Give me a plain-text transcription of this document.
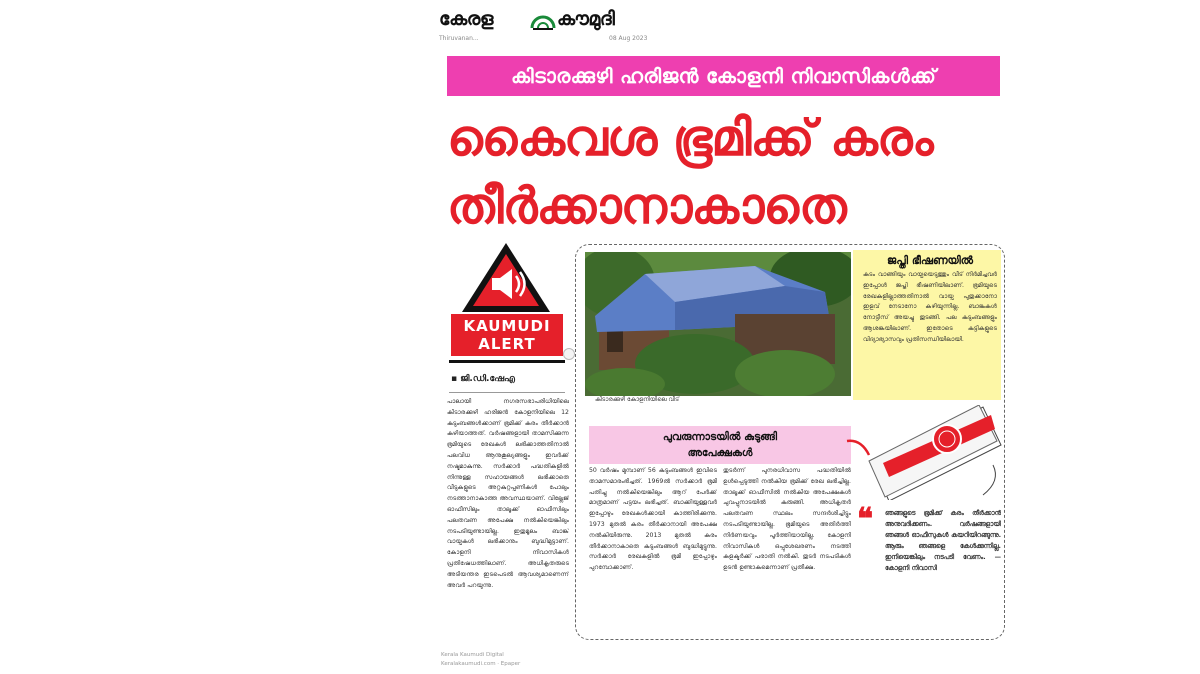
കേരള	കൗമുദി
Thiruvanan...	08 Aug 2023
കിടാരക്കുഴി ഹരിജൻ കോളനി നിവാസികൾക്ക്
കൈവശ ഭൂമിക്ക് കരം
തീർക്കാനാകാതെ
KAUMUDI
ALERT
▪ ജി.ഡി.ഷേഎ
പാലായി നഗരസഭാപരിധിയിലെ കിടാരക്കുഴി ഹരിജൻ കോളനിയിലെ 12 കുടുംബങ്ങൾക്കാണ് ഭൂമിക്ക് കരം തീർക്കാൻ കഴിയാത്തത്. വർഷങ്ങളായി താമസിക്കുന്ന ഭൂമിയുടെ രേഖകൾ ലഭിക്കാത്തതിനാൽ പലവിധ ആനുകൂല്യങ്ങളും ഇവർക്ക് നഷ്ടമാകുന്നു. സർക്കാർ പദ്ധതികളിൽ നിന്നുള്ള സഹായങ്ങൾ ലഭിക്കാതെ വീടുകളുടെ അറ്റകുറ്റപ്പണികൾ പോലും നടത്താനാകാത്ത അവസ്ഥയാണ്. വില്ലേജ് ഓഫീസിലും താലൂക്ക് ഓഫീസിലും പലതവണ അപേക്ഷ നൽകിയെങ്കിലും നടപടിയുണ്ടായില്ല. ഇതുമൂലം ബാങ്ക് വായ്പകൾ ലഭിക്കാനും ബുദ്ധിമുട്ടാണ്. കോളനി നിവാസികൾ പ്രതിഷേധത്തിലാണ്. അധികൃതരുടെ അടിയന്തര ഇടപെടൽ ആവശ്യമാണെന്ന് അവർ പറയുന്നു.
ജപ്തി ഭീഷണയിൽ
കടം വാങ്ങിയും വായ്പയെടുത്തും വീട് നിർമിച്ചവർ ഇപ്പോൾ ജപ്തി ഭീഷണിയിലാണ്. ഭൂമിയുടെ രേഖകളില്ലാത്തതിനാൽ വായ്പ പുതുക്കാനോ ഇളവ് നേടാനോ കഴിയുന്നില്ല. ബാങ്കുകൾ നോട്ടീസ് അയച്ചു തുടങ്ങി. പല കുടുംബങ്ങളും ആശങ്കയിലാണ്. ഇതോടെ കുട്ടികളുടെ വിദ്യാഭ്യാസവും പ്രതിസന്ധിയിലായി.
കിടാരക്കുഴി കോളനിയിലെ വീട്
പുവരുന്നാടയിൽ കുടുങ്ങി
അപേക്ഷകൾ
50 വർഷം മുമ്പാണ് 56 കുടുംബങ്ങൾ ഇവിടെ താമസമാരംഭിച്ചത്. 1969ൽ സർക്കാർ ഭൂമി പതിച്ചു നൽകിയെങ്കിലും ആറ് പേർക്ക് മാത്രമാണ് പട്ടയം ലഭിച്ചത്. ബാക്കിയുള്ളവർ ഇപ്പോഴും രേഖകൾക്കായി കാത്തിരിക്കുന്നു. 1973 മുതൽ കരം തീർക്കാനായി അപേക്ഷ നൽകിയിരുന്നു. 2013 മുതൽ കരം തീർക്കാനാകാതെ കുടുംബങ്ങൾ ബുദ്ധിമുട്ടുന്നു. സർക്കാർ രേഖകളിൽ ഭൂമി ഇപ്പോഴും പുറമ്പോക്കാണ്.
തുടർന്ന് പുനരധിവാസ പദ്ധതിയിൽ ഉൾപ്പെടുത്തി നൽകിയ ഭൂമിക്ക് രേഖ ലഭിച്ചില്ല. താലൂക്ക് ഓഫീസിൽ നൽകിയ അപേക്ഷകൾ ചുവപ്പുനാടയിൽ കുരുങ്ങി. അധികൃതർ പലതവണ സ്ഥലം സന്ദർശിച്ചിട്ടും നടപടിയുണ്ടായില്ല. ഭൂമിയുടെ അതിർത്തി നിർണയവും പൂർത്തിയായില്ല. കോളനി നിവാസികൾ ഒപ്പുശേഖരണം നടത്തി കളക്ടർക്ക് പരാതി നൽകി. തുടർ നടപടികൾ ഉടൻ ഉണ്ടാകുമെന്നാണ് പ്രതീക്ഷ.
❝ ഞങ്ങളുടെ ഭൂമിക്ക് കരം തീർക്കാൻ അനുവദിക്കണം. വർഷങ്ങളായി ഞങ്ങൾ ഓഫീസുകൾ കയറിയിറങ്ങുന്നു. ആരും ഞങ്ങളെ കേൾക്കുന്നില്ല. ഇനിയെങ്കിലും നടപടി വേണം. — കോളനി നിവാസി
Kerala Kaumudi Digital
Keralakaumudi.com · Epaper
